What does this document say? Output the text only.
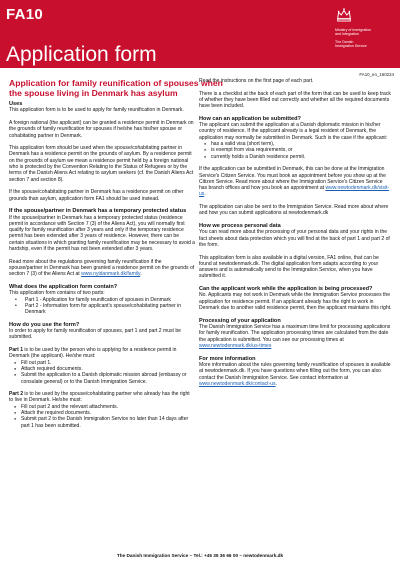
FA10
Application form
Ministry of Immigration
and Integration
The Danish
Immigration Service
FA10_en_160224
Application for family reunification of spouses when the spouse living in Denmark has asylum
Uses

This application form is to be used to apply for family reunification in Denmark.

A foreign national (the applicant) can be granted a residence permit in Denmark on the grounds of family reunification for spouses if he/she has his/her spouse or cohabitating partner in Denmark.

This application form should be used when the spouse/cohabitating partner in Denmark has a residence permit on the grounds of asylum. By a residence permit on the grounds of asylum we mean a residence permit held by a foreign national who is protected by the Convention Relating to the Status of Refugees or by the terms of the Danish Aliens Act relating to asylum seekers (cf. the Danish Aliens Act section 7 and section 8).

If the spouse/cohabitating partner in Denmark has a residence permit on other grounds than asylum, application form FA1 should be used instead.

If the spouse/partner in Denmark has a temporary protected status

If the spouse/partner in Denmark has a temporary protected status (residence permit in accordance with Section 7 (3) of the Aliens Act), you will normally first qualify for family reunification after 3 years and only if the temporary residence permit has been extended after 3 years of residence. However, there can be certain situations in which granting family reunification may be necessary to avoid a hardship, even if the permit has not been extended after 3 years.

Read more about the regulations governing family reunification if the spouse/partner in Denmark has been granted a residence permit on the grounds of section 7 (3) of the Aliens Act at www.nyidanmark.dk/family.

What does the application form contain?
This application form contains of two parts:
• Part 1 - Application for family reunification of spouses in Denmark
• Part 2 - Information form for applicant's spouse/cohabitating partner in Denmark
How do you use the form?

In order to apply for family reunification of spouses, part 1 and part 2 must be submitted.

Part 1 is to be used by the person who is applying for a residence permit in Denmark (the applicant). He/she must:
● Fill out part 1.
● Attach required documents.
● Submit the application to a Danish diplomatic mission abroad (embassy or consulate general) or to the Danish Immigration Service.
Part 2 is to be used by the spouse/cohabitating partner who already has the right to live in Denmark. He/she must:
● Fill out part 2 and the relevant attachments.
● Attach the required documents.
● Submit part 2 to the Danish Immigration Service no later than 14 days after part 1 has been submitted.

Read the instructions on the first page of each part.

There is a checklist at the back of each part of the form that can be used to keep track of whether they have been filled out correctly and whether all the required documents have been included.

How can an application be submitted?
The applicant can submit the application at a Danish diplomatic mission in his/her country of residence. If the applicant already is a legal resident of Denmark, the application may normally be submitted in Denmark. Such is the case if the applicant:
● has a valid visa (short term),
● is exempt from visa requirements, or
● currently holds a Danish residence permit.

If the application can be submitted in Denmark, this can be done at the Immigration Service's Citizen Service. You must book an appointment before you show up at the Citizen Service. Read more about where the Immigration Service's Citizen Service has branch offices and how you book an appointment at www.newtodenmark.dk/visit-us.

The application can also be sent to the Immigration Service. Read more about where and how you can submit applications at newtodenmark.dk

How we process personal data

You can read more about the processing of your personal data and your rights in the fact sheets about data protection which you will find at the back of part 1 and part 2 of the form.

This application form is also available in a digital version, FA1 online, that can be found at newtodenmark.dk. The digital application form adapts according to your answers and is automatically send to the Immigration Service, when you have submitted it.

Can the applicant work while the application is being processed?

No. Applicants may not work in Denmark while the Immigration Service processes the application for residence permit. If an applicant already has the right to work in Denmark due to another valid residence permit, then the applicant maintains this right.

Processing of your application

The Danish Immigration Service has a maximum time limit for processing applications for family reunification. The application processing times are calculated from the date the application is submitted. You can see our processing times at www.newtodenmark.dk/us-times

For more information

More information about the rules governing family reunification of spouses is available at newtodenmark.dk. If you have questions when filling out the form, you can also contact the Danish Immigration Service. See contact information at www.newtodenmark.dk/contact-us.

The Danish Immigration Service – Tel.: +45 35 36 66 00 – newtodenmark.dk
